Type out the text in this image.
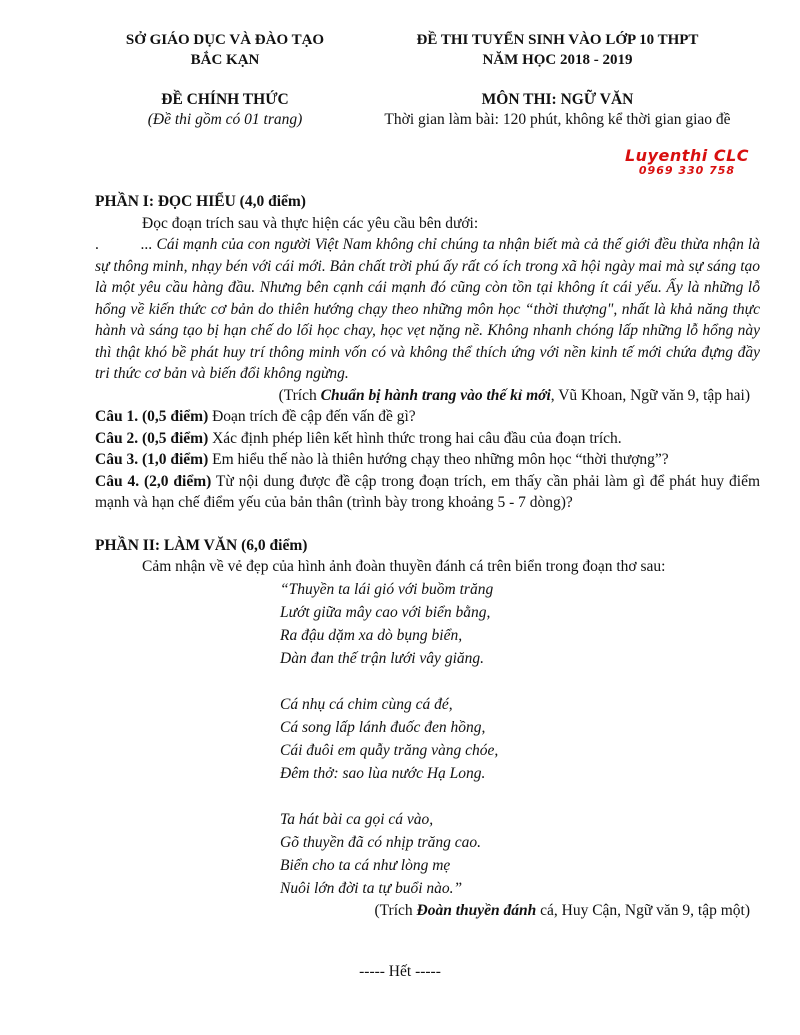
SỞ GIÁO DỤC VÀ ĐÀO TẠO
BẮC KẠN
ĐỀ THI TUYỂN SINH VÀO LỚP 10 THPT
NĂM HỌC 2018 - 2019
ĐỀ CHÍNH THỨC
(Đề thi gồm có 01 trang)
MÔN THI: NGỮ VĂN
Thời gian làm bài: 120 phút, không kể thời gian giao đề
Luyenthi CLC
0969 330 758

PHẦN I: ĐỌC HIỂU (4,0 điểm)

Đọc đoạn trích sau và thực hiện các yêu cầu bên dưới:

.	... Cái mạnh của con người Việt Nam không chỉ chúng ta nhận biết mà cả thế giới đều thừa nhận là sự thông minh, nhạy bén với cái mới. Bản chất trời phú ấy rất có ích trong xã hội ngày mai mà sự sáng tạo là một yêu cầu hàng đầu. Nhưng bên cạnh cái mạnh đó cũng còn tồn tại không ít cái yếu. Ấy là những lỗ hổng về kiến thức cơ bản do thiên hướng chạy theo những môn học “thời thượng", nhất là khả năng thực hành và sáng tạo bị hạn chế do lối học chay, học vẹt nặng nề. Không nhanh chóng lấp những lỗ hổng này thì thật khó bề phát huy trí thông minh vốn có và không thể thích ứng với nền kinh tế mới chứa đựng đầy tri thức cơ bản và biến đổi không ngừng.

(Trích Chuẩn bị hành trang vào thế kỉ mới, Vũ Khoan, Ngữ văn 9, tập hai)

Câu 1. (0,5 điểm) Đoạn trích đề cập đến vấn đề gì?

Câu 2. (0,5 điểm) Xác định phép liên kết hình thức trong hai câu đầu của đoạn trích.

Câu 3. (1,0 điểm) Em hiểu thế nào là thiên hướng chạy theo những môn học “thời thượng”?

Câu 4. (2,0 điểm) Từ nội dung được đề cập trong đoạn trích, em thấy cần phải làm gì để phát huy điểm mạnh và hạn chế điểm yếu của bản thân (trình bày trong khoảng 5 - 7 dòng)?

PHẦN II: LÀM VĂN (6,0 điểm)

Cảm nhận về vẻ đẹp của hình ảnh đoàn thuyền đánh cá trên biển trong đoạn thơ sau:

“Thuyền ta lái gió với buồm trăng
Lướt giữa mây cao với biển bằng,
Ra đậu dặm xa dò bụng biển,
Dàn đan thế trận lưới vây giăng.
Cá nhụ cá chim cùng cá đé,
Cá song lấp lánh đuốc đen hồng,
Cái đuôi em quẫy trăng vàng chóe,
Đêm thở: sao lùa nước Hạ Long.
Ta hát bài ca gọi cá vào,
Gõ thuyền đã có nhịp trăng cao.
Biển cho ta cá như lòng mẹ
Nuôi lớn đời ta tự buổi nào.”

(Trích Đoàn thuyền đánh cá, Huy Cận, Ngữ văn 9, tập một)

----- Hết -----
